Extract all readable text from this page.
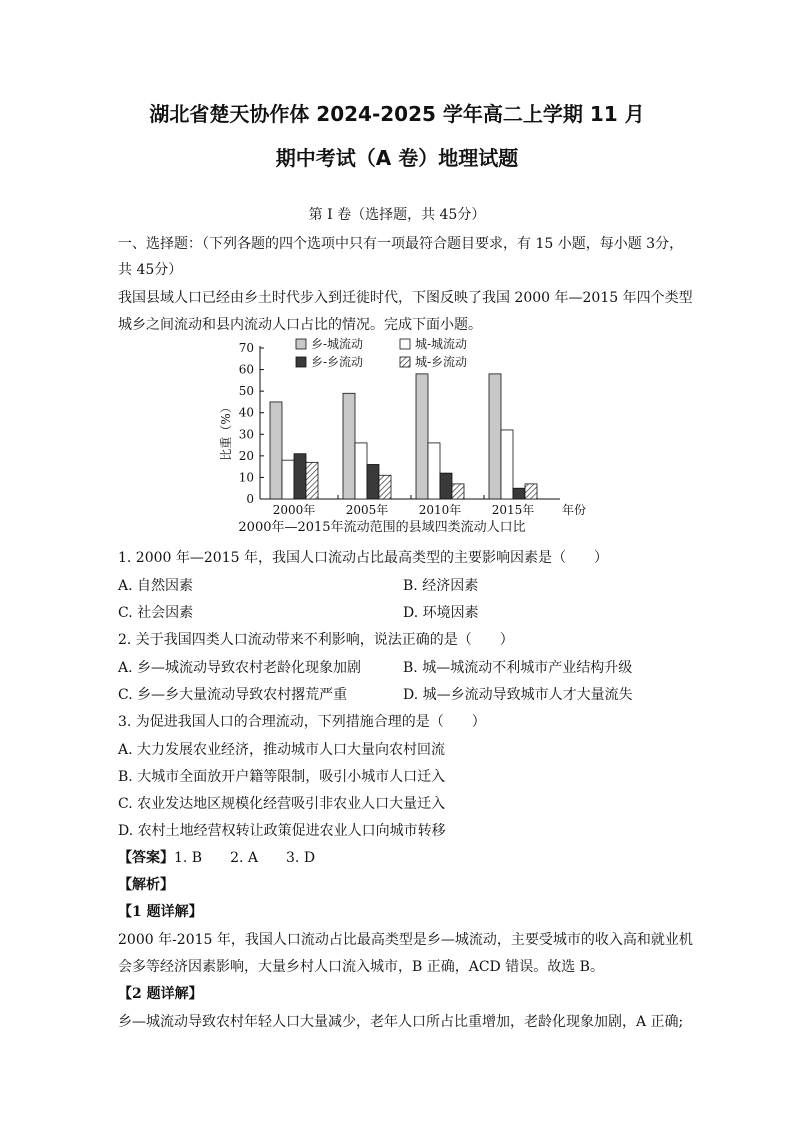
湖北省楚天协作体 2024-2025 学年高二上学期 11 月
期中考试（A 卷）地理试题
第 I 卷（选择题，共 45分）
一、选择题：（下列各题的四个选项中只有一项最符合题目要求，有 15 小题，每小题 3分，
共 45分）
我国县域人口已经由乡土时代步入到迁徙时代，下图反映了我国 2000 年—2015 年四个类型
城乡之间流动和县内流动人口占比的情况。完成下面小题。
0
10
20
30
40
50
60
70
2000年	2005年	2010年	2015年 年份
乡-城流动	城-城流动
乡-乡流动	城-乡流动
比重（%）
2000年—2015年流动范围的县域四类流动人口比
1. 2000 年—2015 年，我国人口流动占比最高类型的主要影响因素是（　　）
A. 自然因素	B. 经济因素
C. 社会因素	D. 环境因素
2. 关于我国四类人口流动带来不利影响，说法正确的是（　　）
A. 乡—城流动导致农村老龄化现象加剧	B. 城—城流动不利城市产业结构升级
C. 乡—乡大量流动导致农村撂荒严重	D. 城—乡流动导致城市人才大量流失
3. 为促进我国人口的合理流动，下列措施合理的是（　　）
A. 大力发展农业经济，推动城市人口大量向农村回流
B. 大城市全面放开户籍等限制，吸引小城市人口迁入
C. 农业发达地区规模化经营吸引非农业人口大量迁入
D. 农村土地经营权转让政策促进农业人口向城市转移
【答案】1. B　　2. A　　3. D
【解析】
【1 题详解】
2000 年-2015 年，我国人口流动占比最高类型是乡—城流动，主要受城市的收入高和就业机
会多等经济因素影响，大量乡村人口流入城市，B 正确，ACD 错误。故选 B。
【2 题详解】
乡—城流动导致农村年轻人口大量减少，老年人口所占比重增加，老龄化现象加剧，A 正确;
